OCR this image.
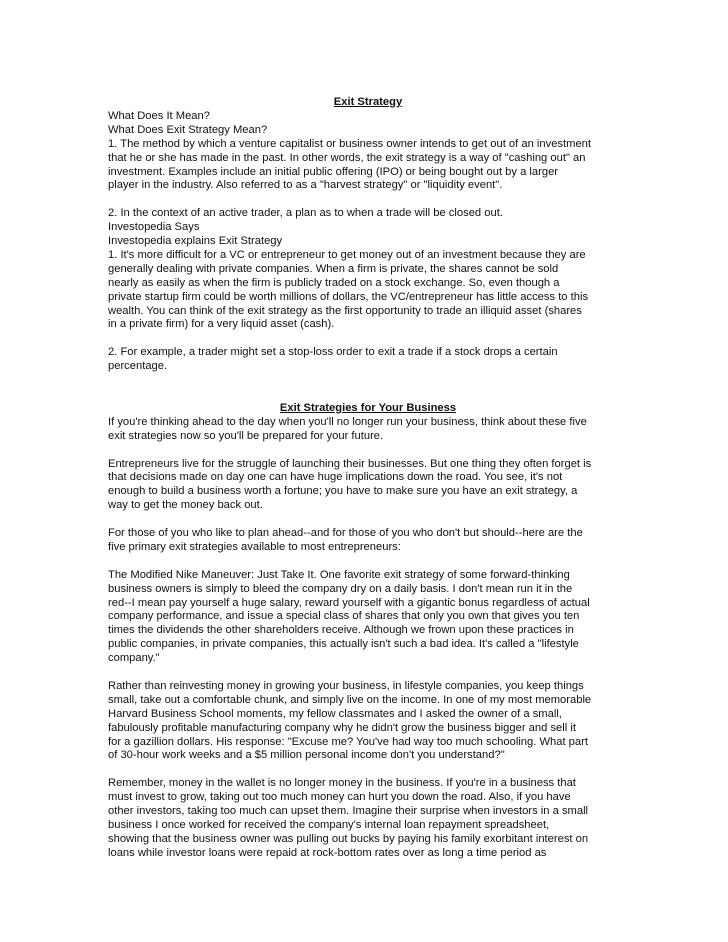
Exit Strategy

What Does It Mean?
What Does Exit Strategy Mean?

1. The method by which a venture capitalist or business owner intends to get out of an investment
that he or she has made in the past. In other words, the exit strategy is a way of "cashing out" an
investment. Examples include an initial public offering (IPO) or being bought out by a larger
player in the industry. Also referred to as a "harvest strategy" or "liquidity event".

2. In the context of an active trader, a plan as to when a trade will be closed out.
Investopedia Says
Investopedia explains Exit Strategy

1. It's more difficult for a VC or entrepreneur to get money out of an investment because they are
generally dealing with private companies. When a firm is private, the shares cannot be sold
nearly as easily as when the firm is publicly traded on a stock exchange. So, even though a
private startup firm could be worth millions of dollars, the VC/entrepreneur has little access to this
wealth. You can think of the exit strategy as the first opportunity to trade an illiquid asset (shares
in a private firm) for a very liquid asset (cash).

2. For example, a trader might set a stop-loss order to exit a trade if a stock drops a certain
percentage.

Exit Strategies for Your Business

If you're thinking ahead to the day when you'll no longer run your business, think about these five
exit strategies now so you'll be prepared for your future.

Entrepreneurs live for the struggle of launching their businesses. But one thing they often forget is
that decisions made on day one can have huge implications down the road. You see, it's not
enough to build a business worth a fortune; you have to make sure you have an exit strategy, a
way to get the money back out.

For those of you who like to plan ahead--and for those of you who don't but should--here are the
five primary exit strategies available to most entrepreneurs:

The Modified Nike Maneuver: Just Take It. One favorite exit strategy of some forward-thinking
business owners is simply to bleed the company dry on a daily basis. I don't mean run it in the
red--I mean pay yourself a huge salary, reward yourself with a gigantic bonus regardless of actual
company performance, and issue a special class of shares that only you own that gives you ten
times the dividends the other shareholders receive. Although we frown upon these practices in
public companies, in private companies, this actually isn't such a bad idea. It's called a "lifestyle
company."

Rather than reinvesting money in growing your business, in lifestyle companies, you keep things
small, take out a comfortable chunk, and simply live on the income. In one of my most memorable
Harvard Business School moments, my fellow classmates and I asked the owner of a small,
fabulously profitable manufacturing company why he didn't grow the business bigger and sell it
for a gazillion dollars. His response: "Excuse me? You've had way too much schooling. What part
of 30-hour work weeks and a $5 million personal income don't you understand?"

Remember, money in the wallet is no longer money in the business. If you're in a business that
must invest to grow, taking out too much money can hurt you down the road. Also, if you have
other investors, taking too much can upset them. Imagine their surprise when investors in a small
business I once worked for received the company's internal loan repayment spreadsheet,
showing that the business owner was pulling out bucks by paying his family exorbitant interest on
loans while investor loans were repaid at rock-bottom rates over as long a time period as
